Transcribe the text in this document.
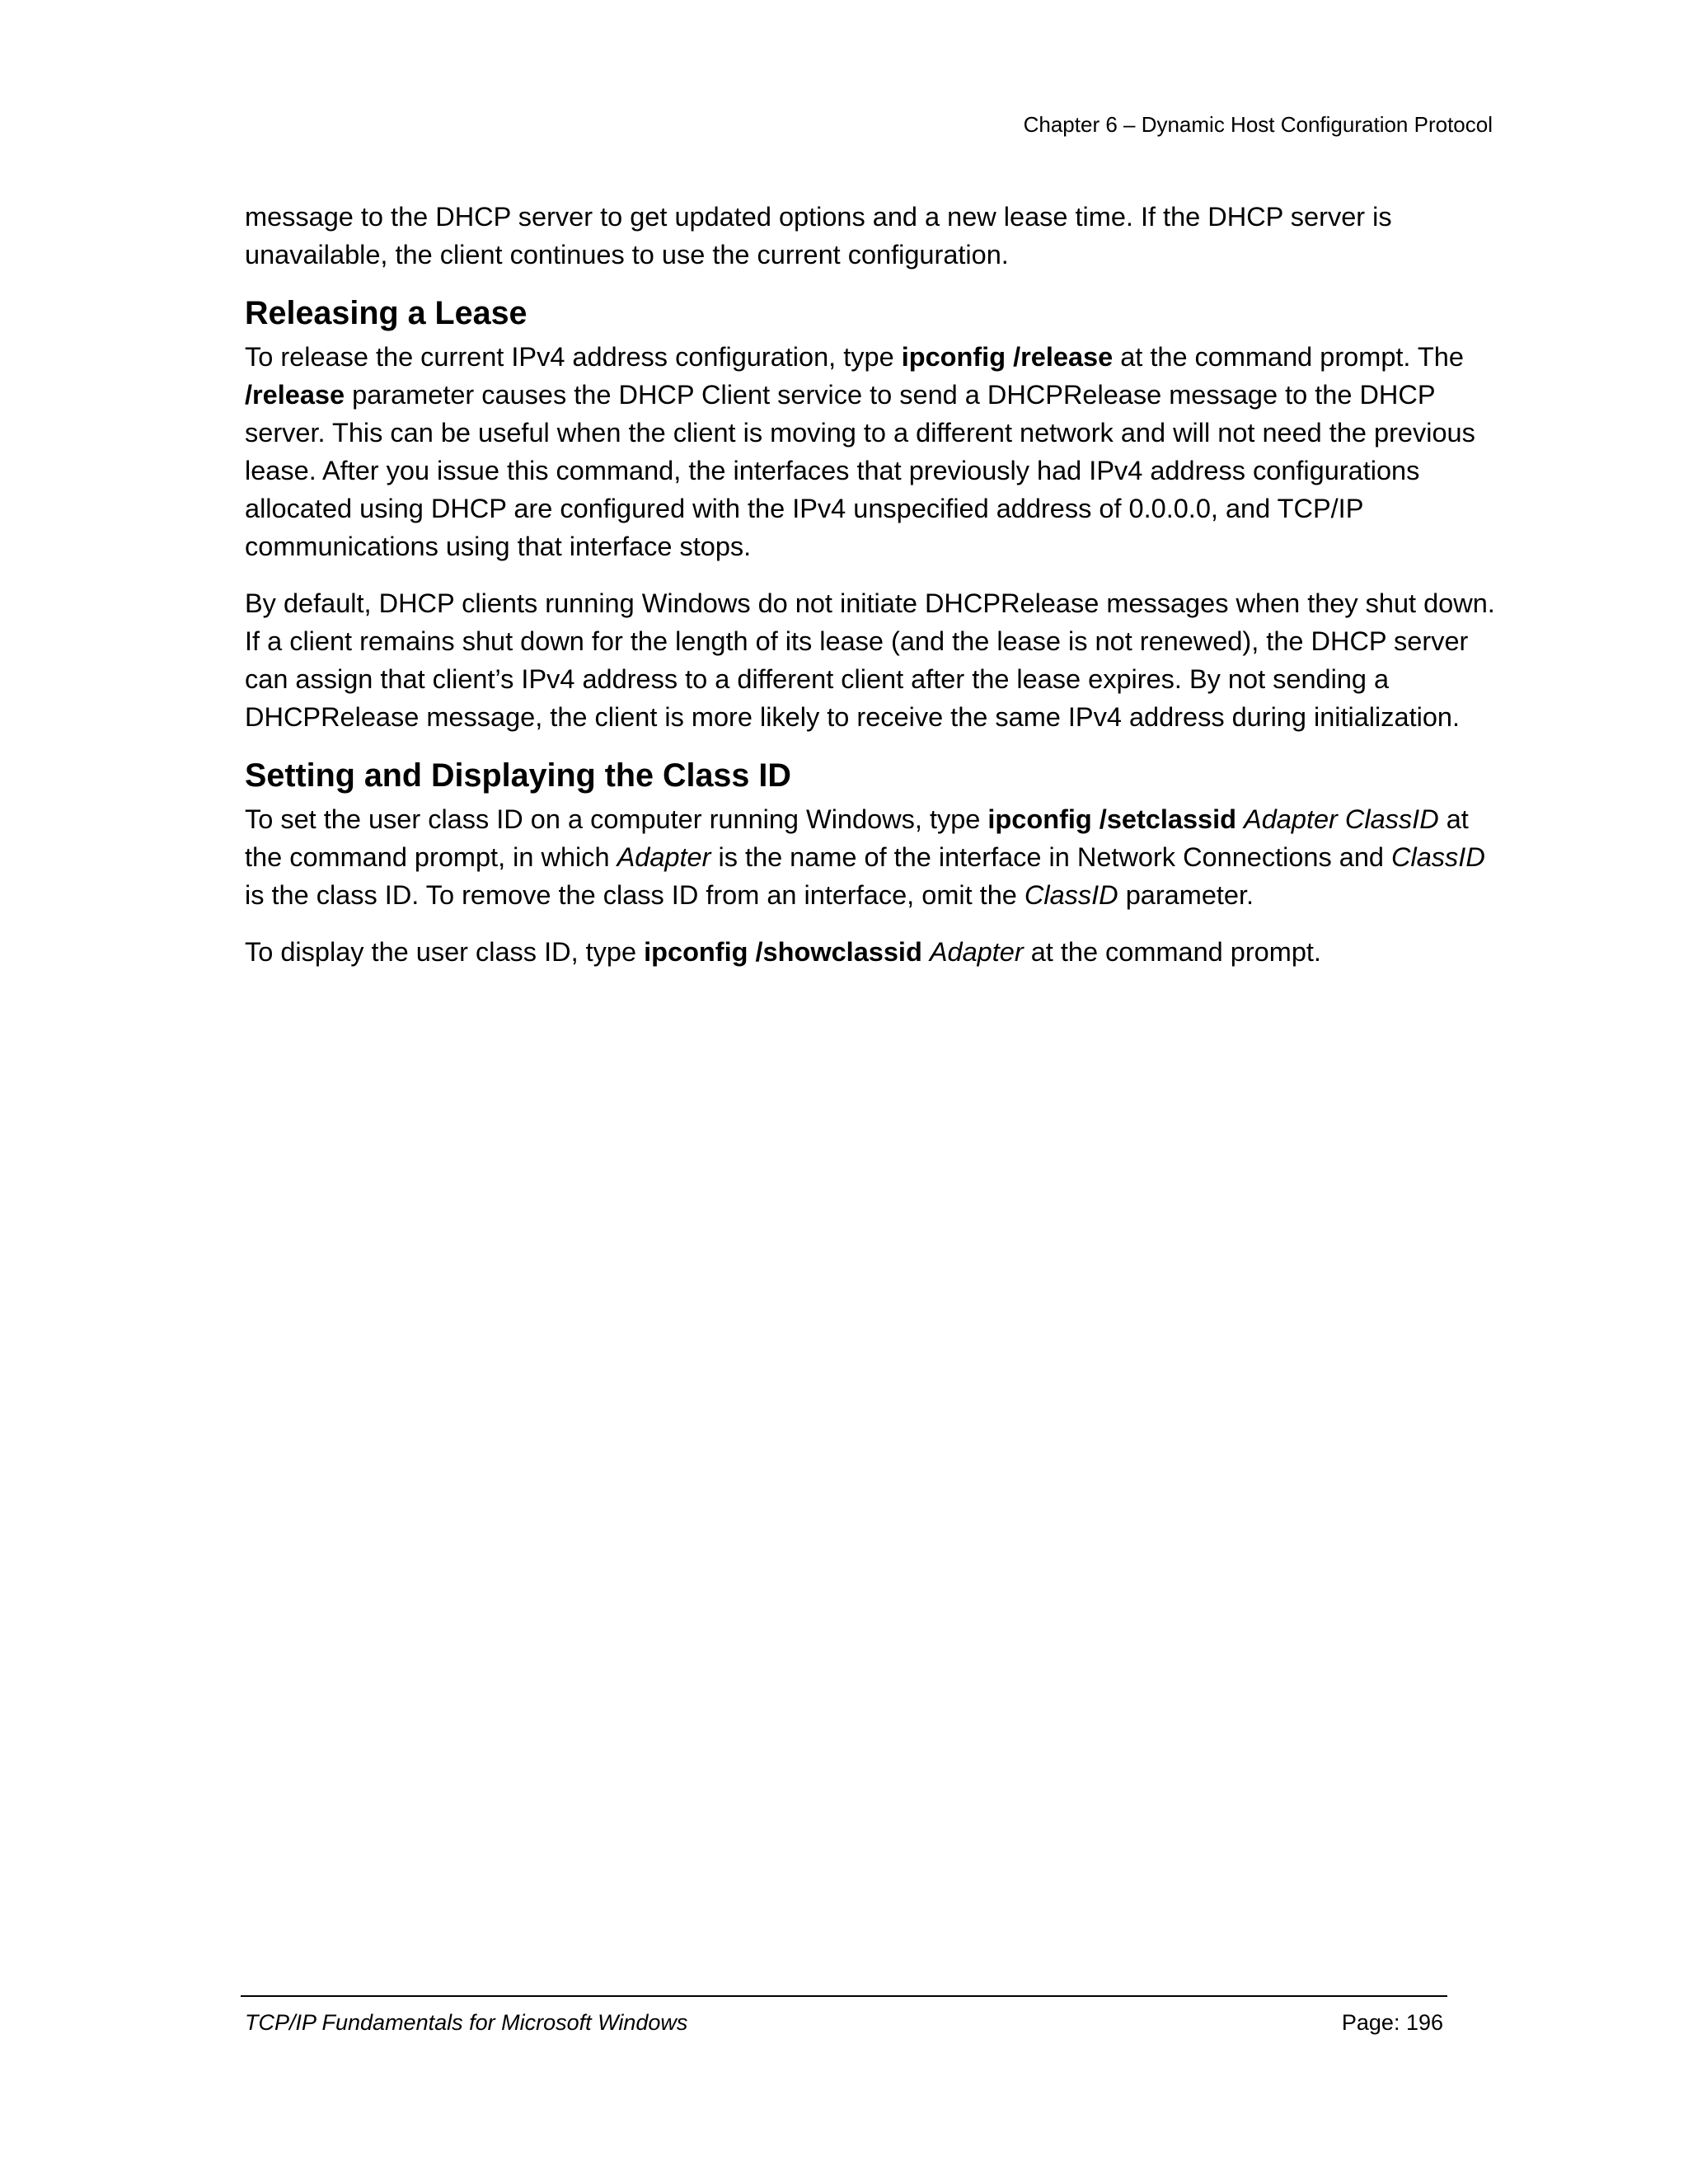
Chapter 6 – Dynamic Host Configuration Protocol

message to the DHCP server to get updated options and a new lease time. If the DHCP server is unavailable, the client continues to use the current configuration.

Releasing a Lease

To release the current IPv4 address configuration, type ipconfig /release at the command prompt. The /release parameter causes the DHCP Client service to send a DHCPRelease message to the DHCP server. This can be useful when the client is moving to a different network and will not need the previous lease. After you issue this command, the interfaces that previously had IPv4 address configurations allocated using DHCP are configured with the IPv4 unspecified address of 0.0.0.0, and TCP/IP communications using that interface stops.

By default, DHCP clients running Windows do not initiate DHCPRelease messages when they shut down. If a client remains shut down for the length of its lease (and the lease is not renewed), the DHCP server can assign that client’s IPv4 address to a different client after the lease expires. By not sending a DHCPRelease message, the client is more likely to receive the same IPv4 address during initialization.

Setting and Displaying the Class ID

To set the user class ID on a computer running Windows, type ipconfig /setclassid Adapter ClassID at the command prompt, in which Adapter is the name of the interface in Network Connections and ClassID is the class ID. To remove the class ID from an interface, omit the ClassID parameter.

To display the user class ID, type ipconfig /showclassid Adapter at the command prompt.

TCP/IP Fundamentals for Microsoft Windows	Page: 196
